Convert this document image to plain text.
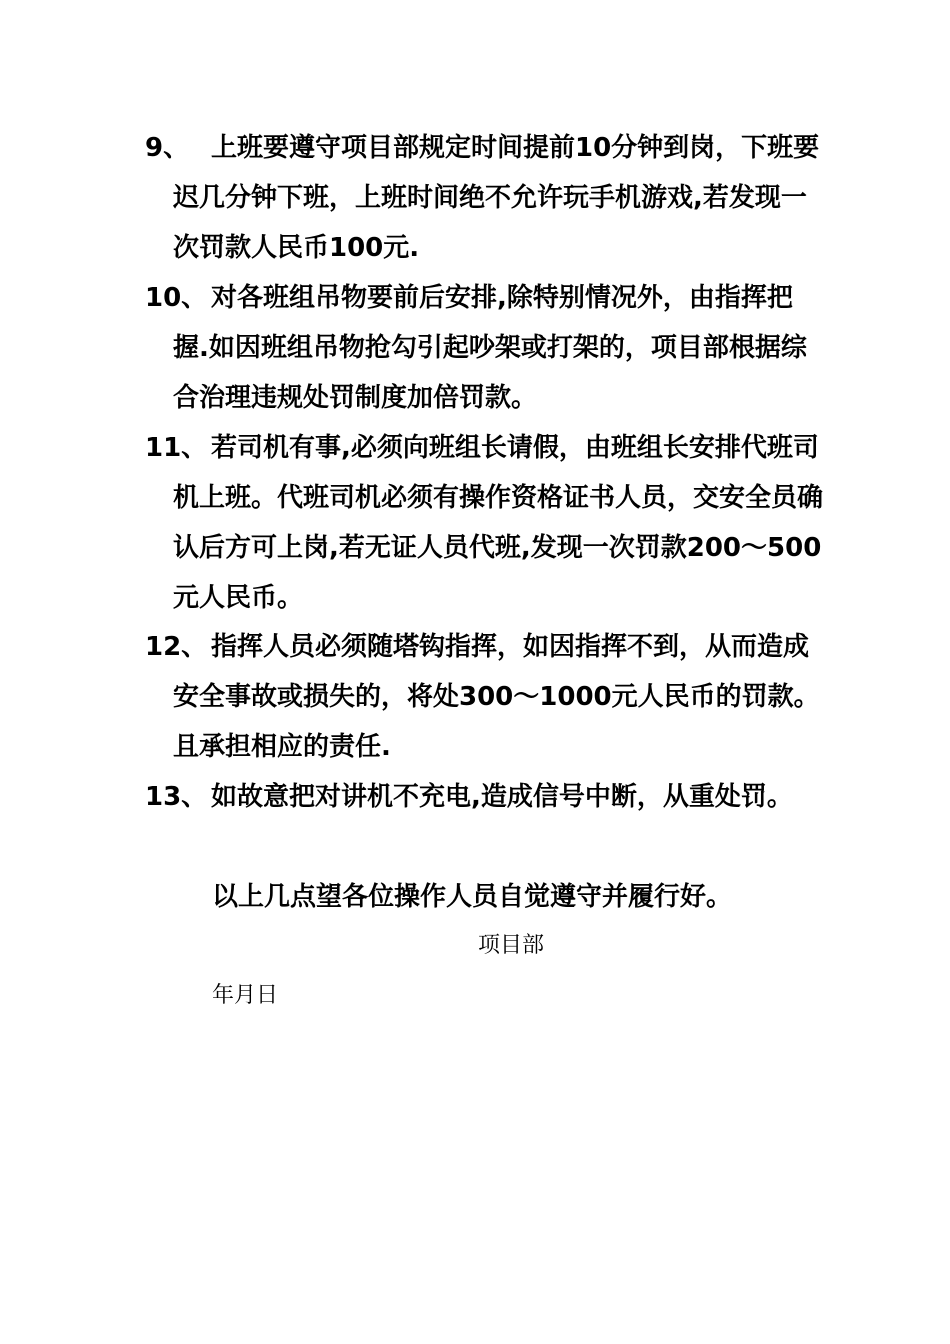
9、 上班要遵守项目部规定时间提前10分钟到岗，下班要迟几分钟下班，上班时间绝不允许玩手机游戏,若发现一次罚款人民币100元.
10、 对各班组吊物要前后安排,除特别情况外，由指挥把握.如因班组吊物抢勾引起吵架或打架的，项目部根据综合治理违规处罚制度加倍罚款。
11、 若司机有事,必须向班组长请假，由班组长安排代班司机上班。代班司机必须有操作资格证书人员，交安全员确认后方可上岗,若无证人员代班,发现一次罚款200～500元人民币。
12、 指挥人员必须随塔钩指挥，如因指挥不到，从而造成安全事故或损失的，将处300～1000元人民币的罚款。且承担相应的责任.
13、 如故意把对讲机不充电,造成信号中断，从重处罚。
以上几点望各位操作人员自觉遵守并履行好。
项目部
年月日
